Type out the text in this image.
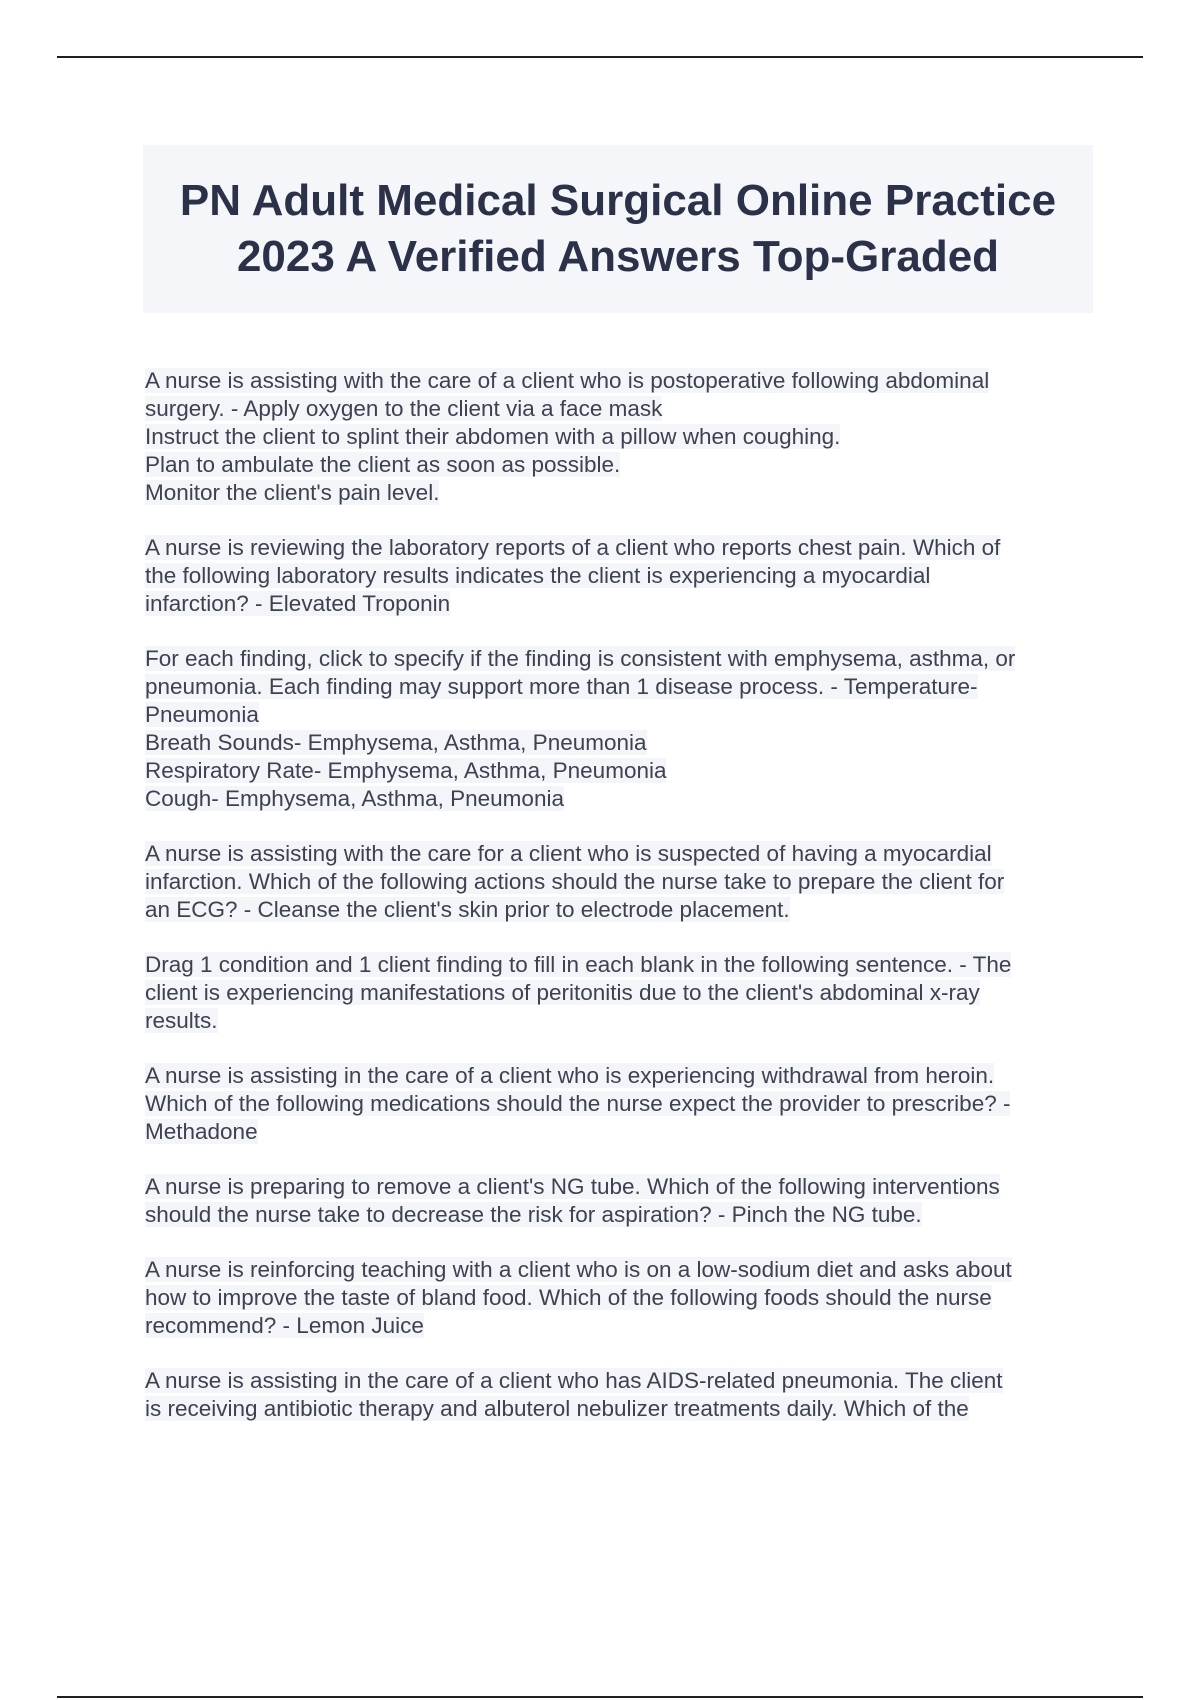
PN Adult Medical Surgical Online Practice 2023 A Verified Answers Top-Graded
A nurse is assisting with the care of a client who is postoperative following abdominal
surgery. - Apply oxygen to the client via a face mask
Instruct the client to splint their abdomen with a pillow when coughing.
Plan to ambulate the client as soon as possible.
Monitor the client's pain level.
A nurse is reviewing the laboratory reports of a client who reports chest pain. Which of
the following laboratory results indicates the client is experiencing a myocardial
infarction? - Elevated Troponin
For each finding, click to specify if the finding is consistent with emphysema, asthma, or
pneumonia. Each finding may support more than 1 disease process. - Temperature-
Pneumonia
Breath Sounds- Emphysema, Asthma, Pneumonia
Respiratory Rate- Emphysema, Asthma, Pneumonia
Cough- Emphysema, Asthma, Pneumonia
A nurse is assisting with the care for a client who is suspected of having a myocardial
infarction. Which of the following actions should the nurse take to prepare the client for
an ECG? - Cleanse the client's skin prior to electrode placement.
Drag 1 condition and 1 client finding to fill in each blank in the following sentence. - The
client is experiencing manifestations of peritonitis due to the client's abdominal x-ray
results.
A nurse is assisting in the care of a client who is experiencing withdrawal from heroin.
Which of the following medications should the nurse expect the provider to prescribe? -
Methadone
A nurse is preparing to remove a client's NG tube. Which of the following interventions
should the nurse take to decrease the risk for aspiration? - Pinch the NG tube.
A nurse is reinforcing teaching with a client who is on a low-sodium diet and asks about
how to improve the taste of bland food. Which of the following foods should the nurse
recommend? - Lemon Juice
A nurse is assisting in the care of a client who has AIDS-related pneumonia. The client
is receiving antibiotic therapy and albuterol nebulizer treatments daily. Which of the
